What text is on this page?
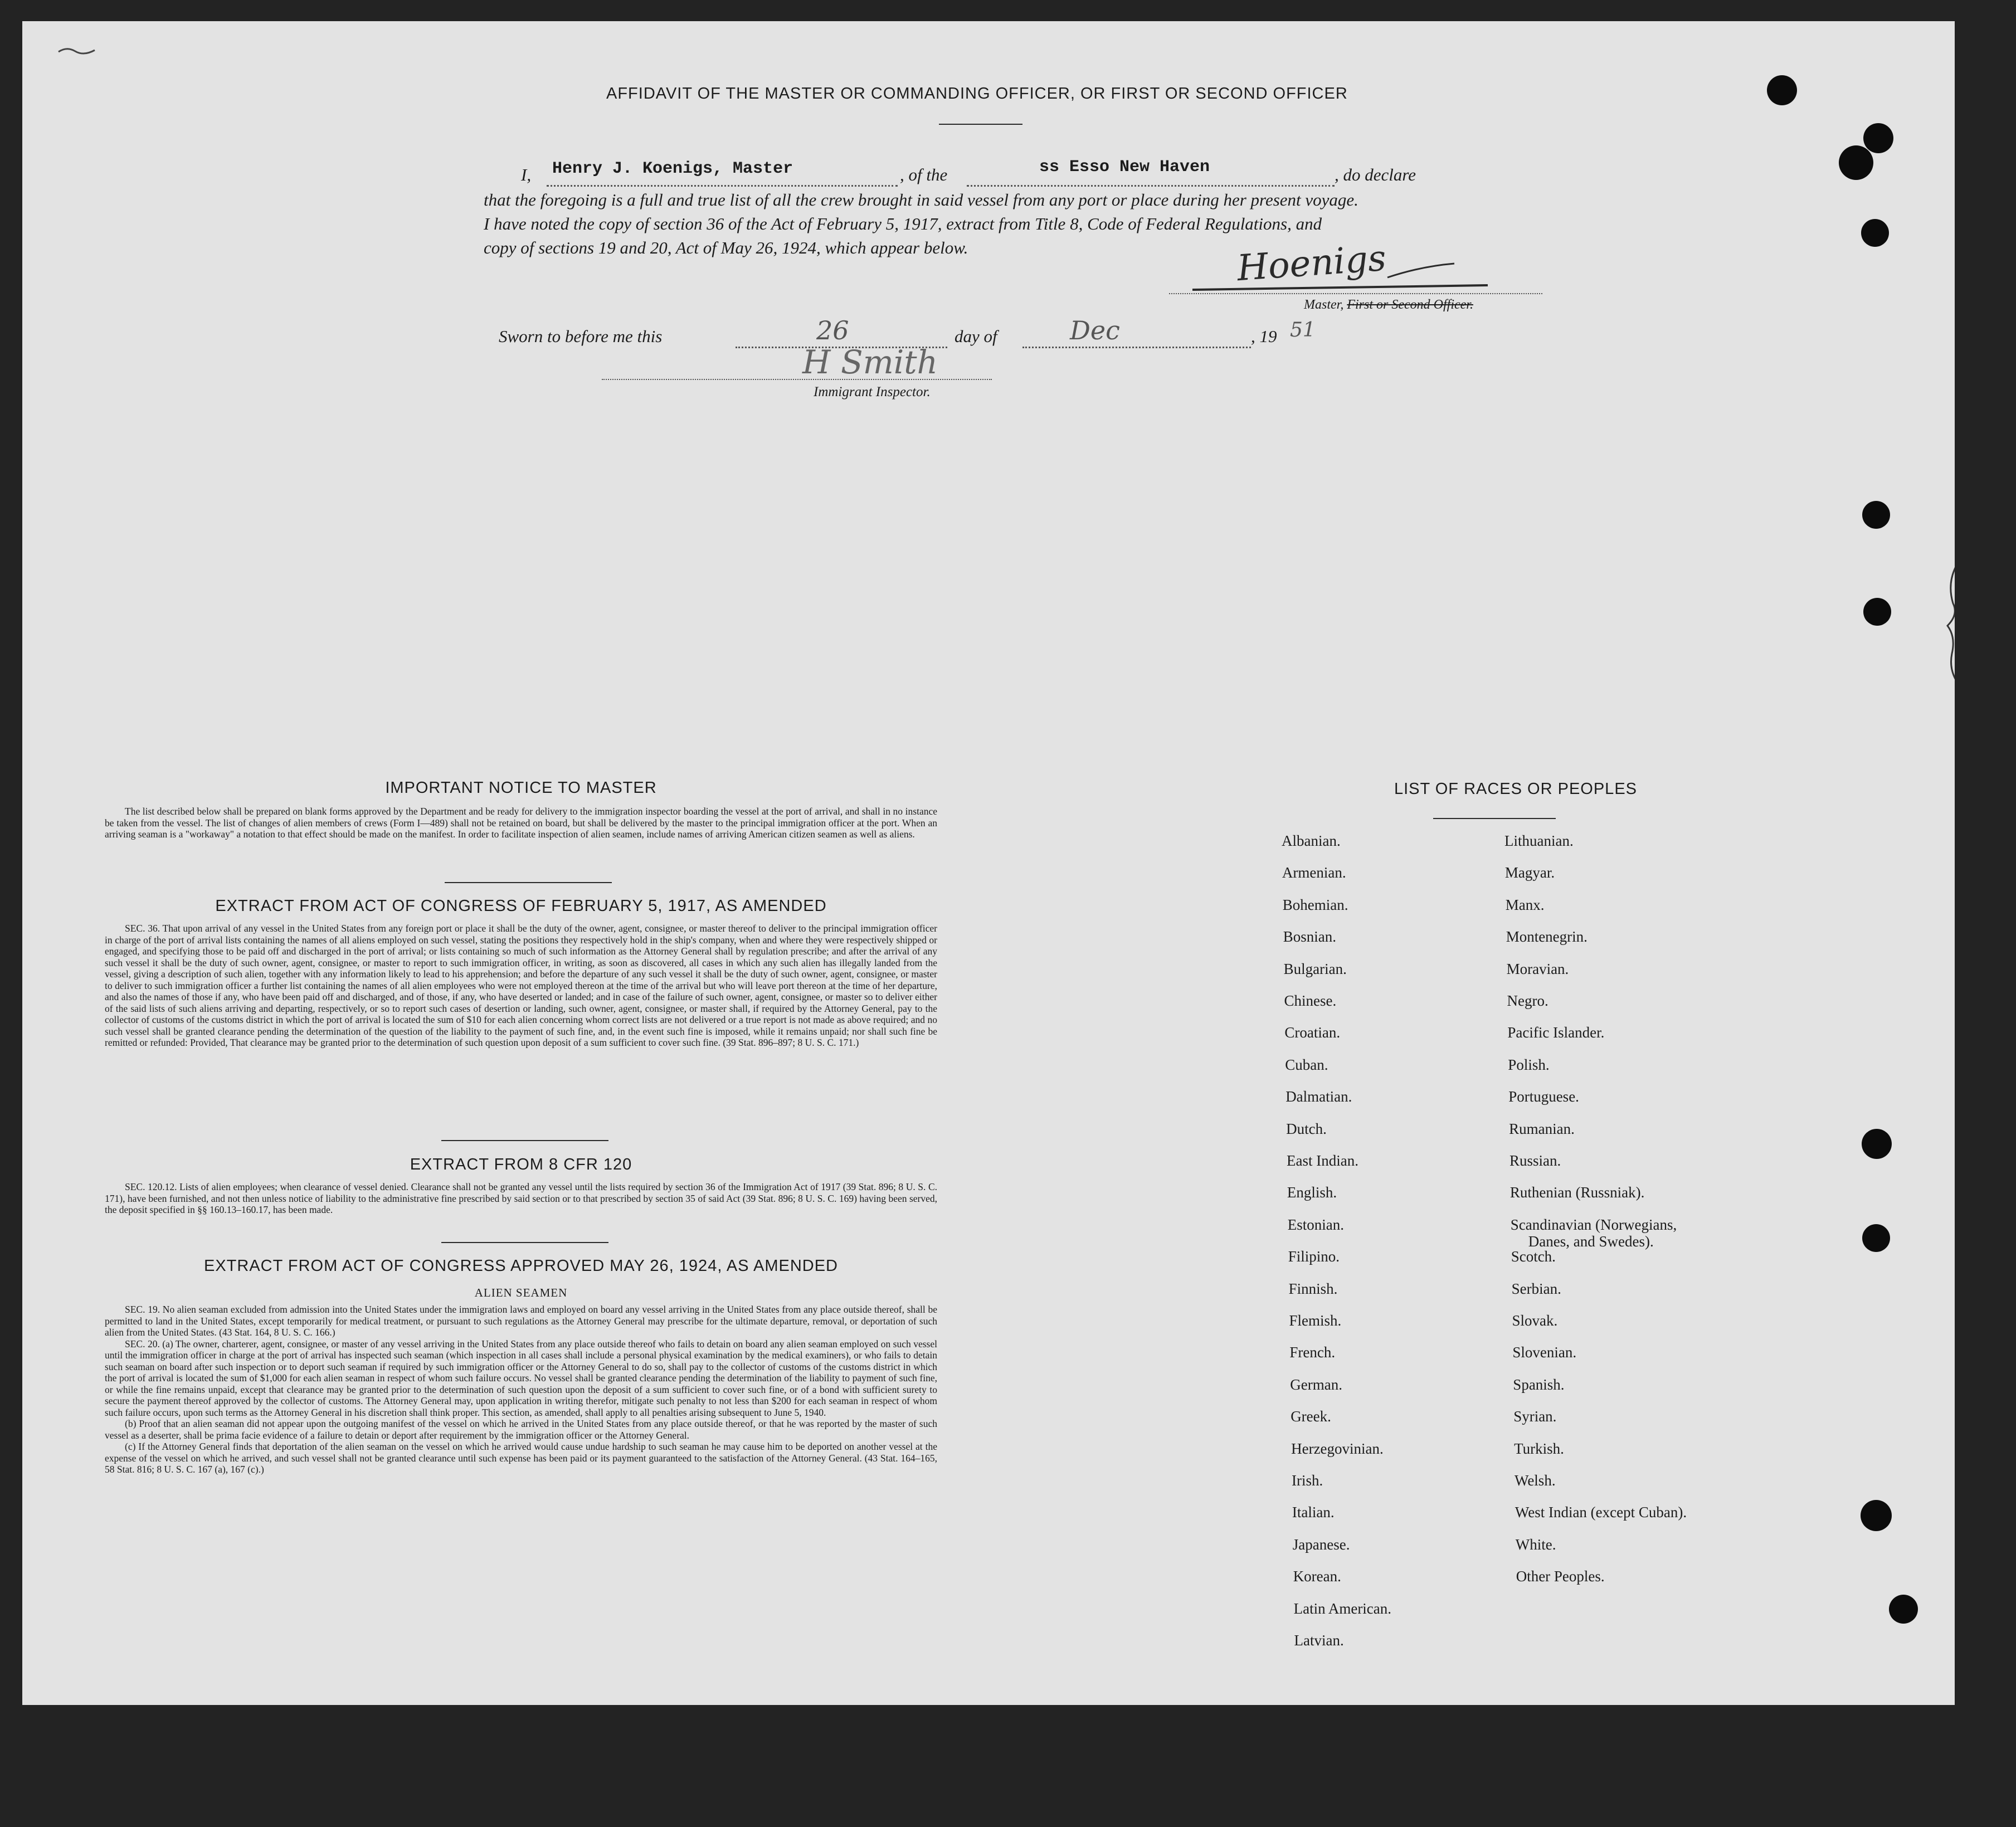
AFFIDAVIT OF THE MASTER OR COMMANDING OFFICER, OR FIRST OR SECOND OFFICER
I, Henry J. Koenigs, Master	, of the	ss Esso New Haven	, do declare
that the foregoing is a full and true list of all the crew brought in said vessel from any port or place during her present voyage.
I have noted the copy of section 36 of the Act of February 5, 1917, extract from Title 8, Code of Federal Regulations, and
copy of sections 19 and 20, Act of May 26, 1924, which appear below.	Hoenigs
Master, First or Second Officer.
Sworn to before me this	26	day of	Dec	, 19 51
H Smith
Immigrant Inspector.
IMPORTANT NOTICE TO MASTER

The list described below shall be prepared on blank forms approved by the Department and be ready for delivery to the immigration inspector boarding the vessel at the port of arrival, and shall in no instance be taken from the vessel. The list of changes of alien members of crews (Form I—489) shall not be retained on board, but shall be delivered by the master to the principal immigration officer at the port. When an arriving seaman is a "workaway" a notation to that effect should be made on the manifest. In order to facilitate inspection of alien seamen, include names of arriving American citizen seamen as well as aliens.

EXTRACT FROM ACT OF CONGRESS OF FEBRUARY 5, 1917, AS AMENDED

SEC. 36. That upon arrival of any vessel in the United States from any foreign port or place it shall be the duty of the owner, agent, consignee, or master thereof to deliver to the principal immigration officer in charge of the port of arrival lists containing the names of all aliens employed on such vessel, stating the positions they respectively hold in the ship's company, when and where they were respectively shipped or engaged, and specifying those to be paid off and discharged in the port of arrival; or lists containing so much of such information as the Attorney General shall by regulation prescribe; and after the arrival of any such vessel it shall be the duty of such owner, agent, consignee, or master to report to such immigration officer, in writing, as soon as discovered, all cases in which any such alien has illegally landed from the vessel, giving a description of such alien, together with any information likely to lead to his apprehension; and before the departure of any such vessel it shall be the duty of such owner, agent, consignee, or master to deliver to such immigration officer a further list containing the names of all alien employees who were not employed thereon at the time of the arrival but who will leave port thereon at the time of her departure, and also the names of those if any, who have been paid off and discharged, and of those, if any, who have deserted or landed; and in case of the failure of such owner, agent, consignee, or master so to deliver either of the said lists of such aliens arriving and departing, respectively, or so to report such cases of desertion or landing, such owner, agent, consignee, or master shall, if required by the Attorney General, pay to the collector of customs of the customs district in which the port of arrival is located the sum of $10 for each alien concerning whom correct lists are not delivered or a true report is not made as above required; and no such vessel shall be granted clearance pending the determination of the question of the liability to the payment of such fine, and, in the event such fine is imposed, while it remains unpaid; nor shall such fine be remitted or refunded: Provided, That clearance may be granted prior to the determination of such question upon deposit of a sum sufficient to cover such fine. (39 Stat. 896–897; 8 U. S. C. 171.)

EXTRACT FROM 8 CFR 120

SEC. 120.12. Lists of alien employees; when clearance of vessel denied. Clearance shall not be granted any vessel until the lists required by section 36 of the Immigration Act of 1917 (39 Stat. 896; 8 U. S. C. 171), have been furnished, and not then unless notice of liability to the administrative fine prescribed by said section or to that prescribed by section 35 of said Act (39 Stat. 896; 8 U. S. C. 169) having been served, the deposit specified in §§ 160.13–160.17, has been made.

EXTRACT FROM ACT OF CONGRESS APPROVED MAY 26, 1924, AS AMENDED
ALIEN SEAMEN

SEC. 19. No alien seaman excluded from admission into the United States under the immigration laws and employed on board any vessel arriving in the United States from any place outside thereof, shall be permitted to land in the United States, except temporarily for medical treatment, or pursuant to such regulations as the Attorney General may prescribe for the ultimate departure, removal, or deportation of such alien from the United States. (43 Stat. 164, 8 U. S. C. 166.)

SEC. 20. (a) The owner, charterer, agent, consignee, or master of any vessel arriving in the United States from any place outside thereof who fails to detain on board any alien seaman employed on such vessel until the immigration officer in charge at the port of arrival has inspected such seaman (which inspection in all cases shall include a personal physical examination by the medical examiners), or who fails to detain such seaman on board after such inspection or to deport such seaman if required by such immigration officer or the Attorney General to do so, shall pay to the collector of customs of the customs district in which the port of arrival is located the sum of $1,000 for each alien seaman in respect of whom such failure occurs. No vessel shall be granted clearance pending the determination of the liability to payment of such fine, or while the fine remains unpaid, except that clearance may be granted prior to the determination of such question upon the deposit of a sum sufficient to cover such fine, or of a bond with sufficient surety to secure the payment thereof approved by the collector of customs. The Attorney General may, upon application in writing therefor, mitigate such penalty to not less than $200 for each seaman in respect of whom such failure occurs, upon such terms as the Attorney General in his discretion shall think proper. This section, as amended, shall apply to all penalties arising subsequent to June 5, 1940.

(b) Proof that an alien seaman did not appear upon the outgoing manifest of the vessel on which he arrived in the United States from any place outside thereof, or that he was reported by the master of such vessel as a deserter, shall be prima facie evidence of a failure to detain or deport after requirement by the immigration officer or the Attorney General.

(c) If the Attorney General finds that deportation of the alien seaman on the vessel on which he arrived would cause undue hardship to such seaman he may cause him to be deported on another vessel at the expense of the vessel on which he arrived, and such vessel shall not be granted clearance until such expense has been paid or its payment guaranteed to the satisfaction of the Attorney General. (43 Stat. 164–165, 58 Stat. 816; 8 U. S. C. 167 (a), 167 (c).)

LIST OF RACES OR PEOPLES
Albanian.
Armenian.
Bohemian.
Bosnian.
Bulgarian.
Chinese.
Croatian.
Cuban.
Dalmatian.
Dutch.
East Indian.
English.
Estonian.
Filipino.
Finnish.
Flemish.
French.
German.
Greek.
Herzegovinian.
Irish.
Italian.
Japanese.
Korean.
Latin American.
Latvian.
Lithuanian.
Magyar.
Manx.
Montenegrin.
Moravian.
Negro.
Pacific Islander.
Polish.
Portuguese.
Rumanian.
Russian.
Ruthenian (Russniak).
Scandinavian (Norwegians,
Danes, and Swedes).
Scotch.
Serbian.
Slovak.
Slovenian.
Spanish.
Syrian.
Turkish.
Welsh.
West Indian (except Cuban).
White.
Other Peoples.
